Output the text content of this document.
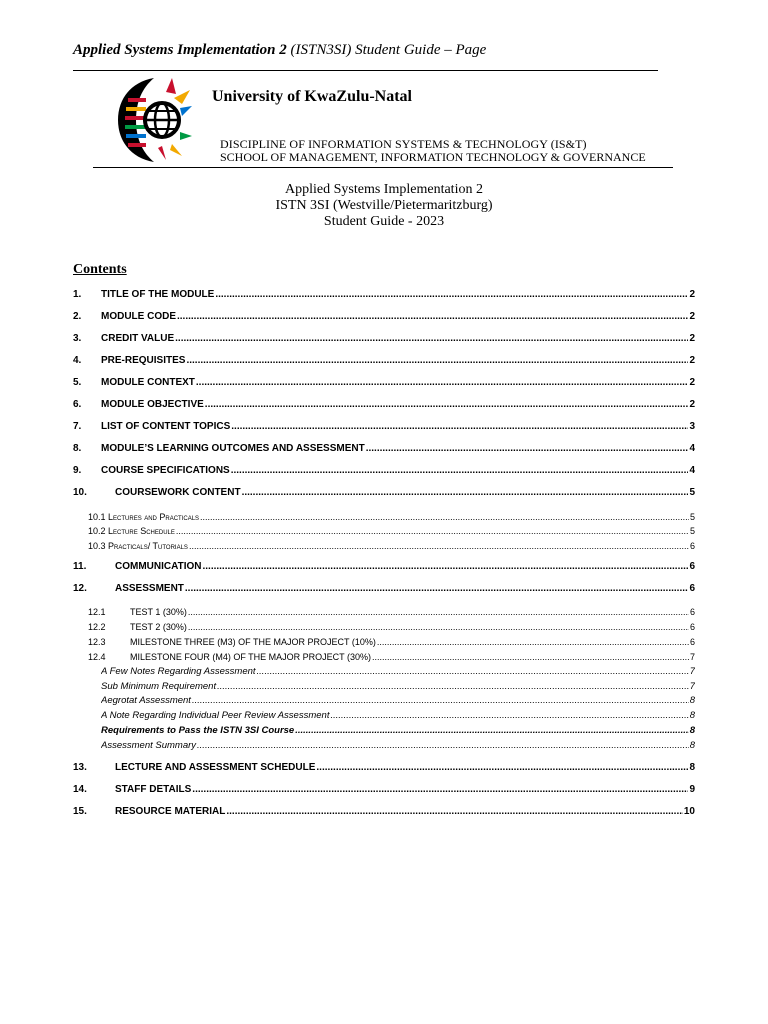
Applied Systems Implementation 2 (ISTN3SI) Student Guide – Page
University of KwaZulu-Natal
DISCIPLINE OF INFORMATION SYSTEMS & TECHNOLOGY (IS&T)
SCHOOL OF MANAGEMENT, INFORMATION TECHNOLOGY & GOVERNANCE
Applied Systems Implementation 2
ISTN 3SI (Westville/Pietermaritzburg)
Student Guide - 2023
Contents
1.	TITLE OF THE MODULE .....	2
2.	MODULE CODE .....	2
3.	CREDIT VALUE .....	2
4.	PRE-REQUISITES .....	2
5.	MODULE CONTEXT .....	2
6.	MODULE OBJECTIVE .....	2
7.	LIST OF CONTENT TOPICS .....	3
8.	MODULE’S LEARNING OUTCOMES AND ASSESSMENT .....	4
9.	COURSE SPECIFICATIONS .....	4
10.	COURSEWORK CONTENT .....	5
10.1 Lectures and Practicals .....	5
10.2 Lecture Schedule .....	5
10.3 Practicals/ Tutorials .....	6
11.	COMMUNICATION .....	6
12.	ASSESSMENT .....	6
12.1	TEST 1 (30%) .....	6
12.2	TEST 2 (30%) .....	6
12.3	MILESTONE THREE (M3) OF THE MAJOR PROJECT (10%) .....	6
12.4	MILESTONE FOUR (M4) OF THE MAJOR PROJECT (30%) .....	7
A Few Notes Regarding Assessment .....	7
Sub Minimum Requirement .....	7
Aegrotat Assessment .....	8
A Note Regarding Individual Peer Review Assessment .....	8
Requirements to Pass the ISTN 3SI Course .....	8
Assessment Summary .....	8
13.	LECTURE AND ASSESSMENT SCHEDULE .....	8
14.	STAFF DETAILS .....	9
15.	RESOURCE MATERIAL .....	10
